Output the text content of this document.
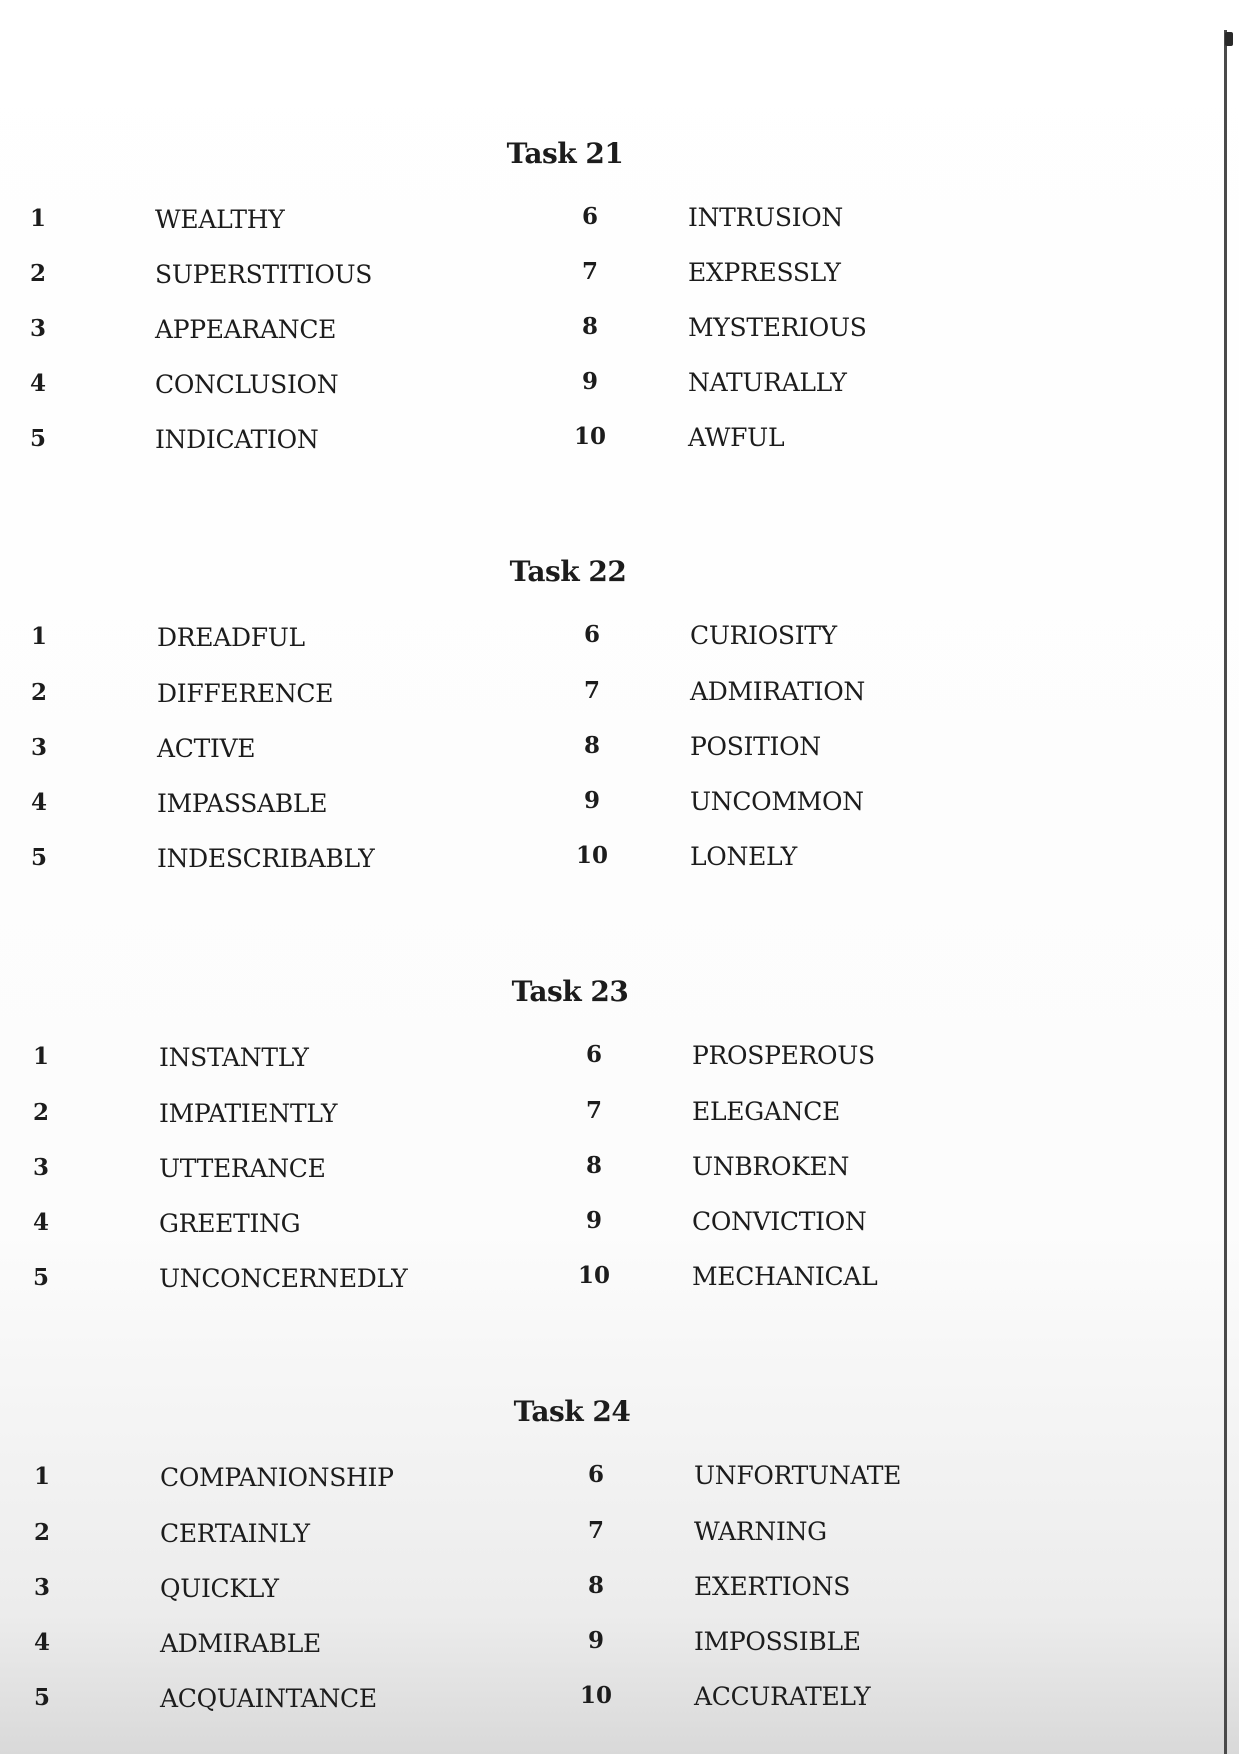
Task 21
1	WEALTHY	6	INTRUSION
2	SUPERSTITIOUS	7	EXPRESSLY
3	APPEARANCE	8	MYSTERIOUS
4	CONCLUSION	9	NATURALLY
5	INDICATION	10	AWFUL
Task 22
1	DREADFUL	6	CURIOSITY
2	DIFFERENCE	7	ADMIRATION
3	ACTIVE	8	POSITION
4	IMPASSABLE	9	UNCOMMON
5	INDESCRIBABLY	10	LONELY
Task 23
1	INSTANTLY	6	PROSPEROUS
2	IMPATIENTLY	7	ELEGANCE
3	UTTERANCE	8	UNBROKEN
4	GREETING	9	CONVICTION
5	UNCONCERNEDLY	10	MECHANICAL
Task 24
1	COMPANIONSHIP	6	UNFORTUNATE
2	CERTAINLY	7	WARNING
3	QUICKLY	8	EXERTIONS
4	ADMIRABLE	9	IMPOSSIBLE
5	ACQUAINTANCE	10	ACCURATELY
